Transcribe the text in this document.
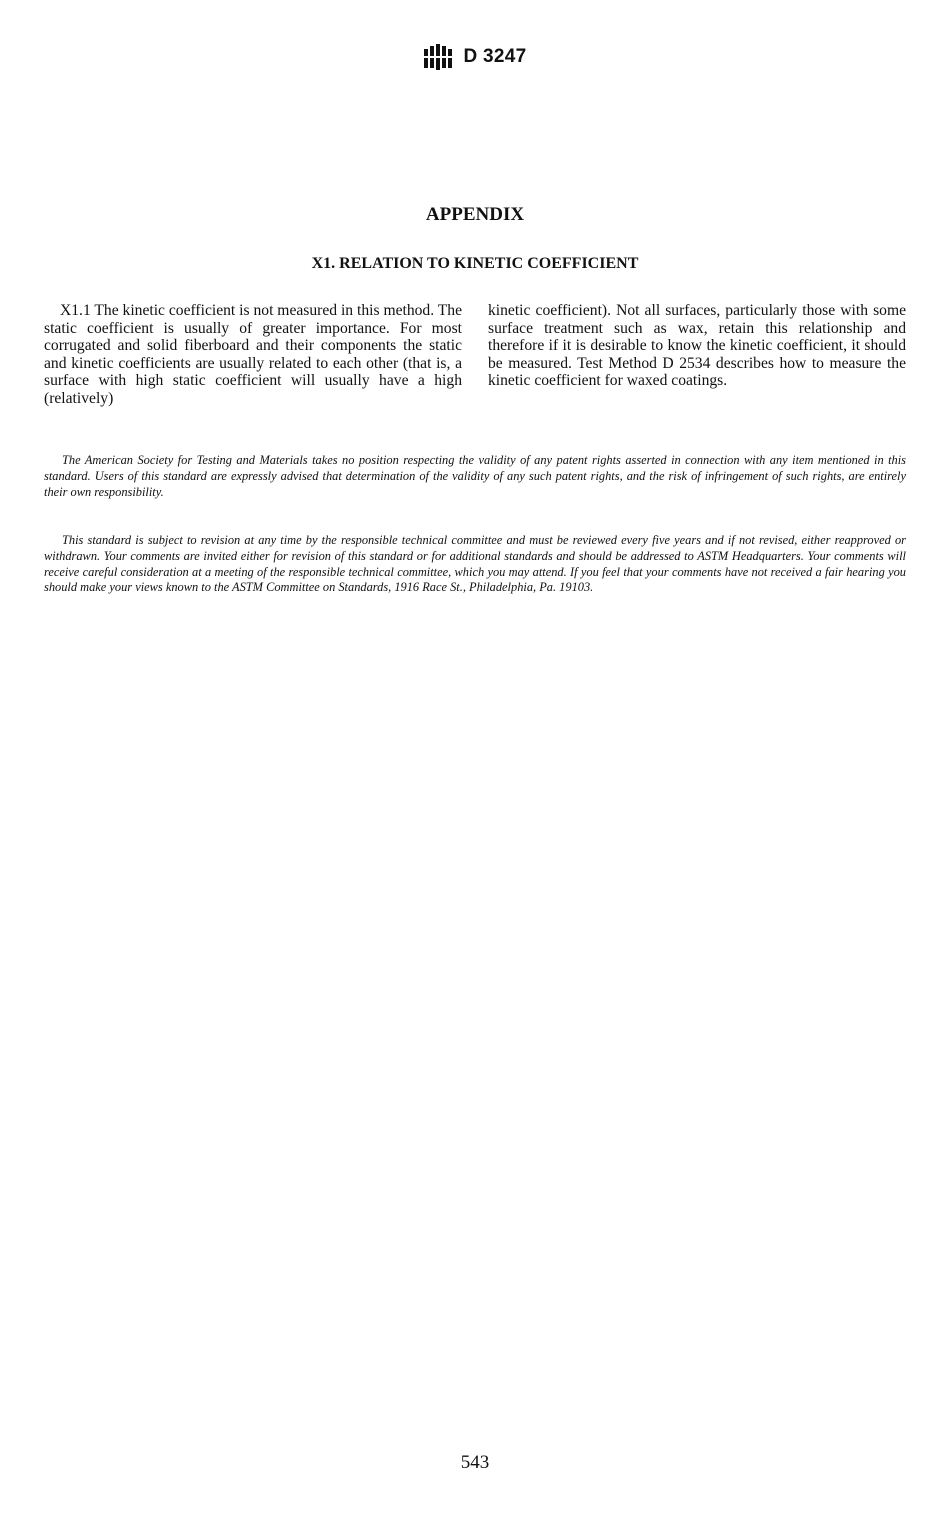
D 3247
APPENDIX
X1. RELATION TO KINETIC COEFFICIENT

X1.1 The kinetic coefficient is not measured in this method. The static coefficient is usually of greater importance. For most corrugated and solid fiberboard and their components the static and kinetic coefficients are usually related to each other (that is, a surface with high static coefficient will usually have a high (relatively)

kinetic coefficient). Not all surfaces, particularly those with some surface treatment such as wax, retain this relationship and therefore if it is desirable to know the kinetic coefficient, it should be measured. Test Method D 2534 describes how to measure the kinetic coefficient for waxed coatings.

The American Society for Testing and Materials takes no position respecting the validity of any patent rights asserted in connection with any item mentioned in this standard. Users of this standard are expressly advised that determination of the validity of any such patent rights, and the risk of infringement of such rights, are entirely their own responsibility.

This standard is subject to revision at any time by the responsible technical committee and must be reviewed every five years and if not revised, either reapproved or withdrawn. Your comments are invited either for revision of this standard or for additional standards and should be addressed to ASTM Headquarters. Your comments will receive careful consideration at a meeting of the responsible technical committee, which you may attend. If you feel that your comments have not received a fair hearing you should make your views known to the ASTM Committee on Standards, 1916 Race St., Philadelphia, Pa. 19103.

543
